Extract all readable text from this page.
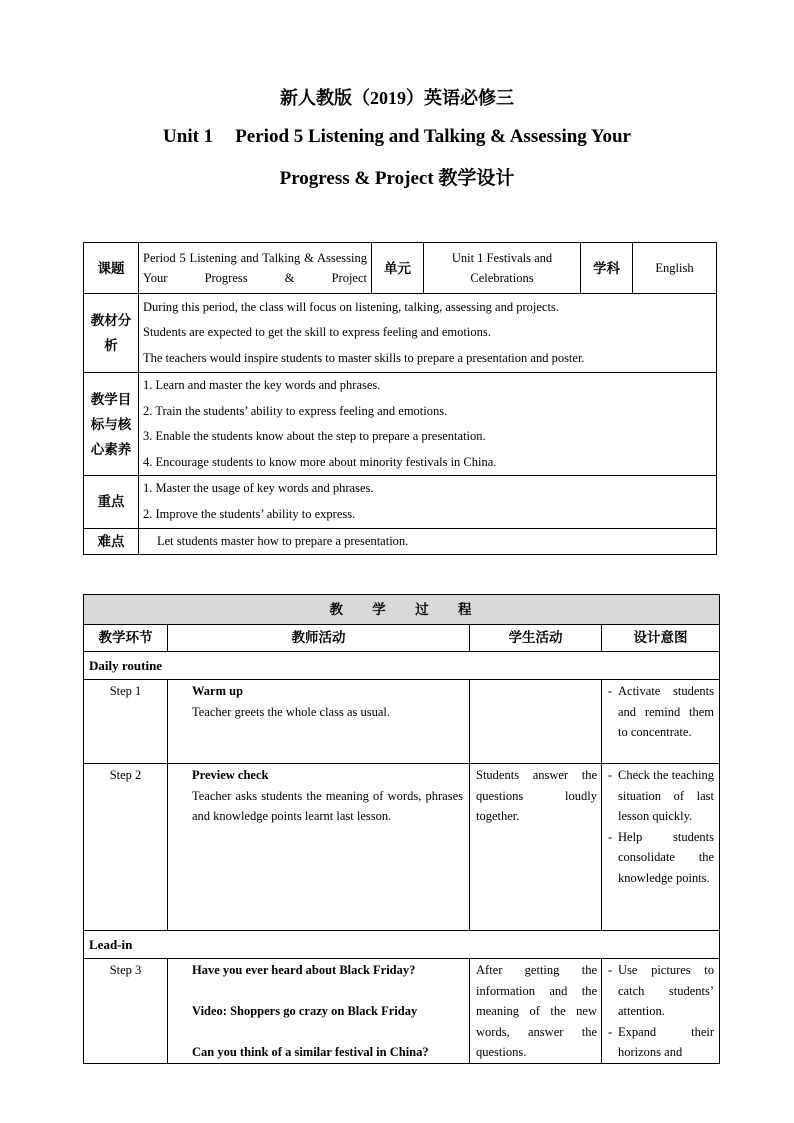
新人教版（2019）英语必修三
Unit 1 Period 5 Listening and Talking & Assessing Your
Progress & Project 教学设计
课题	Period 5 Listening and Talking & Assessing Your Progress & Project	单元	Unit 1 Festivals and Celebrations	学科	English
教材分析	During this period, the class will focus on listening, talking, assessing and projects.
Students are expected to get the skill to express feeling and emotions.
The teachers would inspire students to master skills to prepare a presentation and poster.				

教学目标与核心素养	1. Learn and master the key words and phrases.
2. Train the students’ ability to express feeling and emotions.
3. Enable the students know about the step to prepare a presentation.
4. Encourage students to know more about minority festivals in China.				

重点	1. Master the usage of key words and phrases.
2. Improve the students’ ability to express.				

难点	Let students master how to prepare a presentation.				
教 学 过 程			
教学环节	教师活动	学生活动	设计意图
Daily routine			
Step 1	Warm up
Teacher greets the whole class as usual.		- Activate students and remind them to concentrate.

Step 2	Preview check
Teacher asks students the meaning of words, phrases and knowledge points learnt last lesson.	Students answer the questions loudly together.	- Check the teaching situation of last lesson quickly.
- Help students consolidate the knowledge points.

Lead-in			
Step 3	Have you ever heard about Black Friday?
Video: Shoppers go crazy on Black Friday
Can you think of a similar festival in China?	After getting the information and the meaning of the new words, answer the questions.	- Use pictures to catch students’ attention.
- Expand their horizons and
